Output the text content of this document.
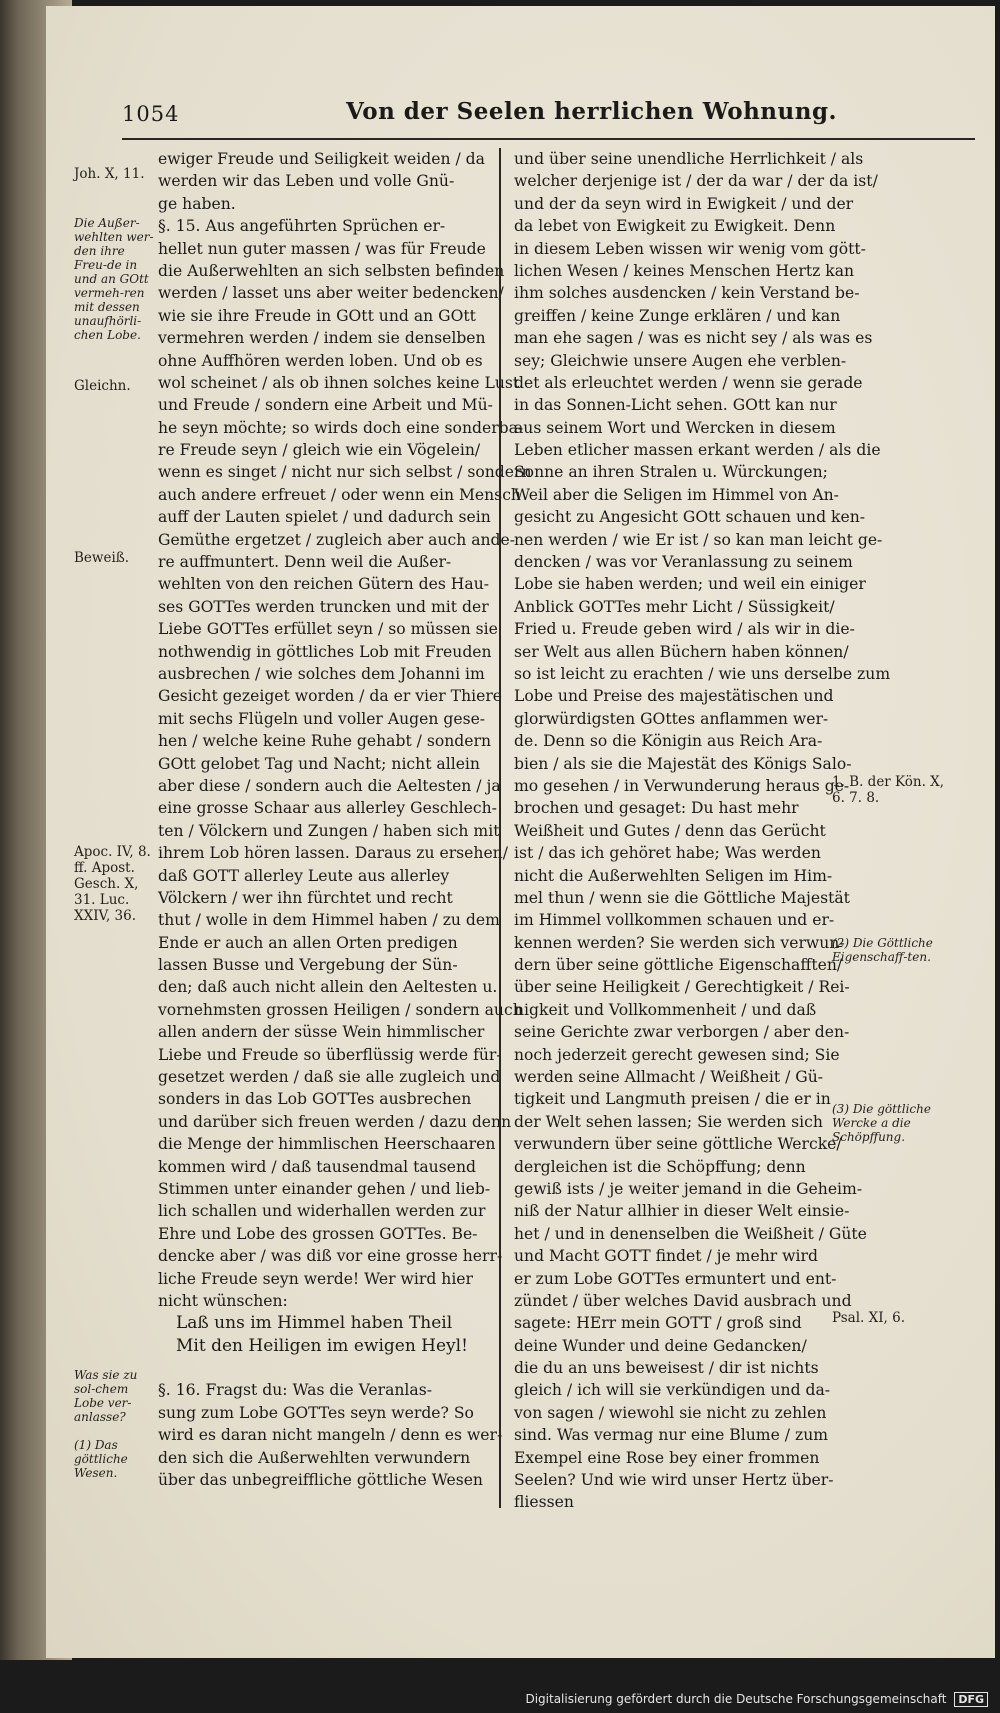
1054	Von der Seelen herrlichen Wohnung.
Joh. X, 11.
Die Außer-wehlten wer-den ihre Freu-de in und an GOtt vermeh-ren mit dessen unaufhörli-chen Lobe.
Gleichn.
Beweiß.
Apoc. IV, 8. ff. Apost. Gesch. X, 31. Luc. XXIV, 36.
Was sie zu sol-chem Lobe ver-anlasse?
(1) Das göttliche Wesen.
ewiger Freude und Seiligkeit weiden / da
werden wir das Leben und volle Gnü-
ge haben.
§. 15. Aus angeführten Sprüchen er-
hellet nun guter massen / was für Freude
die Außerwehlten an sich selbsten befinden
werden / lasset uns aber weiter bedencken/
wie sie ihre Freude in GOtt und an GOtt
vermehren werden / indem sie denselben
ohne Auffhören werden loben. Und ob es
wol scheinet / als ob ihnen solches keine Lust
und Freude / sondern eine Arbeit und Mü-
he seyn möchte; so wirds doch eine sonderba-
re Freude seyn / gleich wie ein Vögelein/
wenn es singet / nicht nur sich selbst / sondern
auch andere erfreuet / oder wenn ein Mensch
auff der Lauten spielet / und dadurch sein
Gemüthe ergetzet / zugleich aber auch ande-
re auffmuntert. Denn weil die Außer-
wehlten von den reichen Gütern des Hau-
ses GOTTes werden truncken und mit der
Liebe GOTTes erfüllet seyn / so müssen sie
nothwendig in göttliches Lob mit Freuden
ausbrechen / wie solches dem Johanni im
Gesicht gezeiget worden / da er vier Thiere
mit sechs Flügeln und voller Augen gese-
hen / welche keine Ruhe gehabt / sondern
GOtt gelobet Tag und Nacht; nicht allein
aber diese / sondern auch die Aeltesten / ja
eine grosse Schaar aus allerley Geschlech-
ten / Völckern und Zungen / haben sich mit
ihrem Lob hören lassen. Daraus zu ersehen/
daß GOTT allerley Leute aus allerley
Völckern / wer ihn fürchtet und recht
thut / wolle in dem Himmel haben / zu dem
Ende er auch an allen Orten predigen
lassen Busse und Vergebung der Sün-
den; daß auch nicht allein den Aeltesten u.
vornehmsten grossen Heiligen / sondern auch
allen andern der süsse Wein himmlischer
Liebe und Freude so überflüssig werde für-
gesetzet werden / daß sie alle zugleich und
sonders in das Lob GOTTes ausbrechen
und darüber sich freuen werden / dazu denn
die Menge der himmlischen Heerschaaren
kommen wird / daß tausendmal tausend
Stimmen unter einander gehen / und lieb-
lich schallen und widerhallen werden zur
Ehre und Lobe des grossen GOTTes. Be-
dencke aber / was diß vor eine grosse herr-
liche Freude seyn werde! Wer wird hier
nicht wünschen:
Laß uns im Himmel haben Theil
Mit den Heiligen im ewigen Heyl!
§. 16. Fragst du: Was die Veranlas-
sung zum Lobe GOTTes seyn werde? So
wird es daran nicht mangeln / denn es wer-
den sich die Außerwehlten verwundern
über das unbegreiffliche göttliche Wesen
und über seine unendliche Herrlichkeit / als
welcher derjenige ist / der da war / der da ist/
und der da seyn wird in Ewigkeit / und der
da lebet von Ewigkeit zu Ewigkeit. Denn
in diesem Leben wissen wir wenig vom gött-
lichen Wesen / keines Menschen Hertz kan
ihm solches ausdencken / kein Verstand be-
greiffen / keine Zunge erklären / und kan
man ehe sagen / was es nicht sey / als was es
sey; Gleichwie unsere Augen ehe verblen-
det als erleuchtet werden / wenn sie gerade
in das Sonnen-Licht sehen. GOtt kan nur
aus seinem Wort und Wercken in diesem
Leben etlicher massen erkant werden / als die
Sonne an ihren Stralen u. Würckungen;
Weil aber die Seligen im Himmel von An-
gesicht zu Angesicht GOtt schauen und ken-
nen werden / wie Er ist / so kan man leicht ge-
dencken / was vor Veranlassung zu seinem
Lobe sie haben werden; und weil ein einiger
Anblick GOTTes mehr Licht / Süssigkeit/
Fried u. Freude geben wird / als wir in die-
ser Welt aus allen Büchern haben können/
so ist leicht zu erachten / wie uns derselbe zum
Lobe und Preise des majestätischen und
glorwürdigsten GOttes anflammen wer-
de. Denn so die Königin aus Reich Ara-
bien / als sie die Majestät des Königs Salo-
mo gesehen / in Verwunderung heraus ge-
brochen und gesaget: Du hast mehr
Weißheit und Gutes / denn das Gerücht
ist / das ich gehöret habe; Was werden
nicht die Außerwehlten Seligen im Him-
mel thun / wenn sie die Göttliche Majestät
im Himmel vollkommen schauen und er-
kennen werden? Sie werden sich verwun-
dern über seine göttliche Eigenschafften/
über seine Heiligkeit / Gerechtigkeit / Rei-
nigkeit und Vollkommenheit / und daß
seine Gerichte zwar verborgen / aber den-
noch jederzeit gerecht gewesen sind; Sie
werden seine Allmacht / Weißheit / Gü-
tigkeit und Langmuth preisen / die er in
der Welt sehen lassen; Sie werden sich
verwundern über seine göttliche Wercke/
dergleichen ist die Schöpffung; denn
gewiß ists / je weiter jemand in die Geheim-
niß der Natur allhier in dieser Welt einsie-
het / und in denenselben die Weißheit / Güte
und Macht GOTT findet / je mehr wird
er zum Lobe GOTTes ermuntert und ent-
zündet / über welches David ausbrach und
sagete: HErr mein GOTT / groß sind
deine Wunder und deine Gedancken/
die du an uns beweisest / dir ist nichts
gleich / ich will sie verkündigen und da-
von sagen / wiewohl sie nicht zu zehlen
sind. Was vermag nur eine Blume / zum
Exempel eine Rose bey einer frommen
Seelen? Und wie wird unser Hertz über-
fliessen
1. B. der Kön. X, 6. 7. 8.
(2) Die Göttliche Eigenschaff-ten.
(3) Die göttliche Wercke a die Schöpffung.
Psal. XI, 6.
Digitalisierung gefördert durch die Deutsche Forschungsgemeinschaft DFG
